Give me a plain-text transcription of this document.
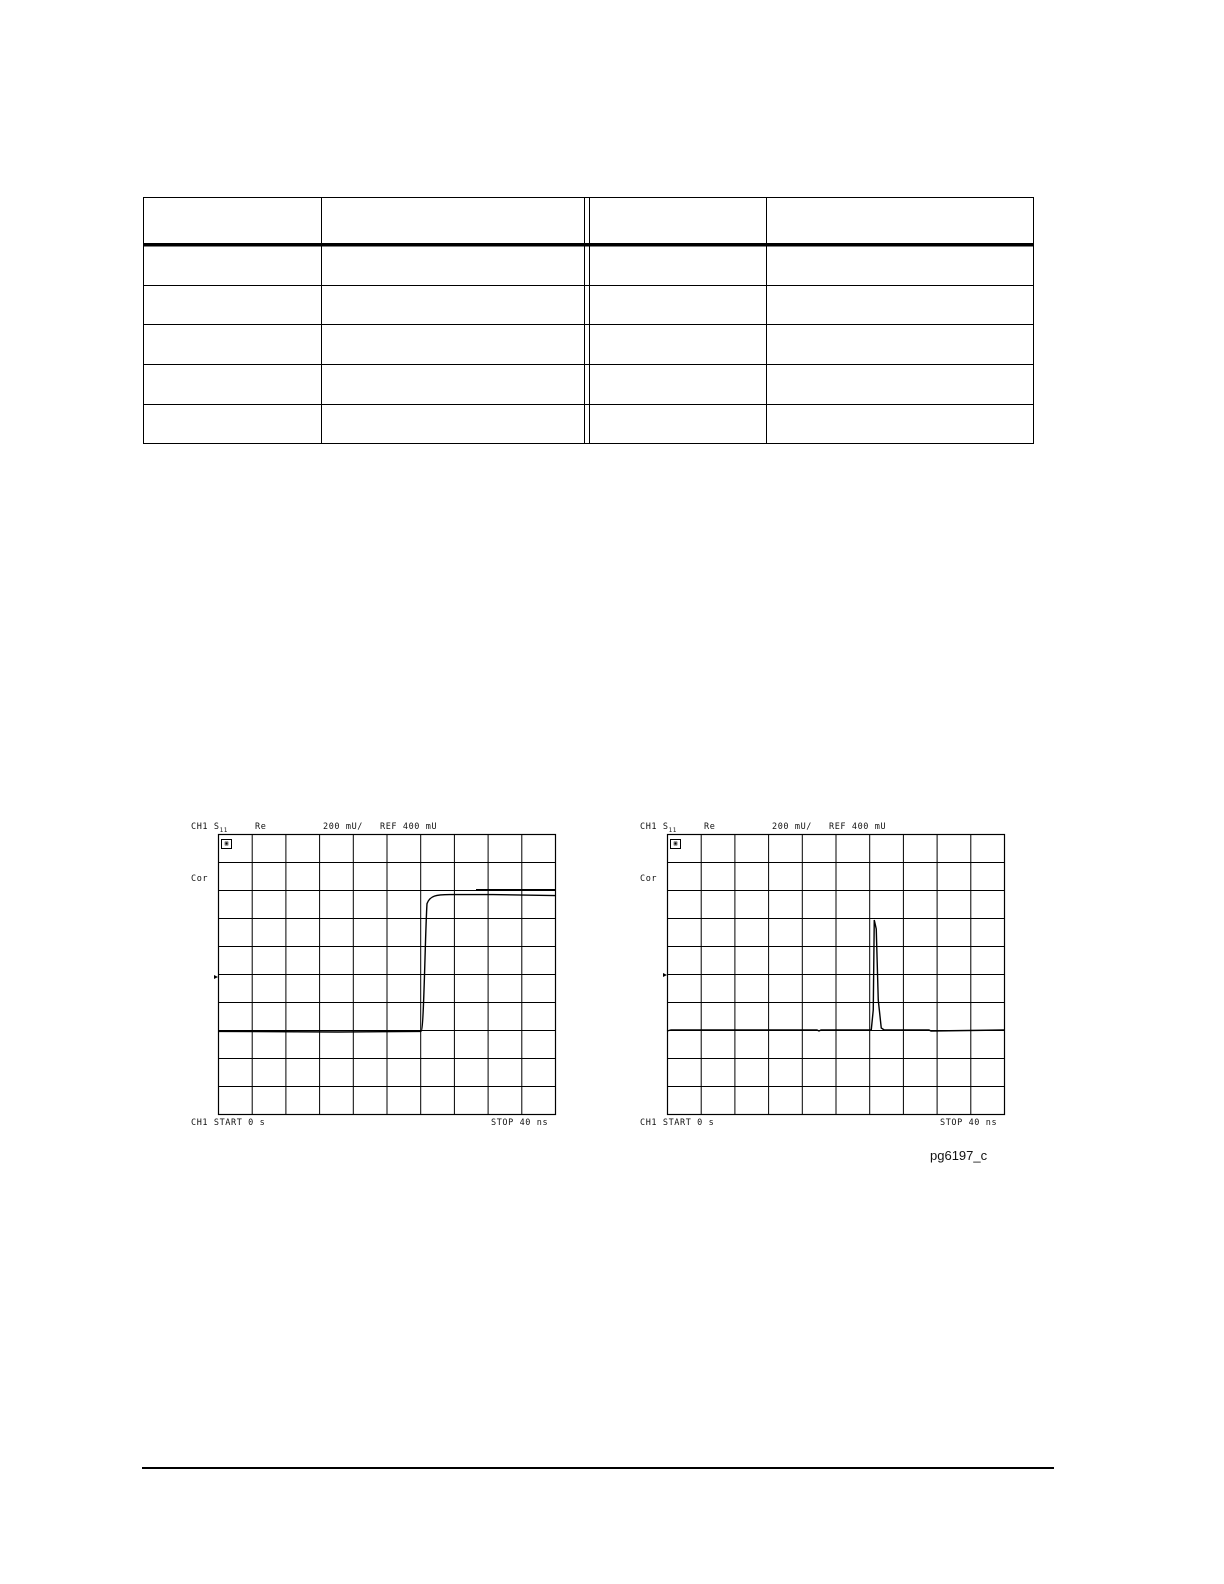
CH1 $S_{11}$	Re	200 mU/ REF 400 mU
▣
Cor
CH1 START 0 s	STOP 40 ns
CH1 $S_{11}$	Re	200 mU/ REF 400 mU
▣
Cor
CH1 START 0 s	STOP 40 ns
pg6197_c
